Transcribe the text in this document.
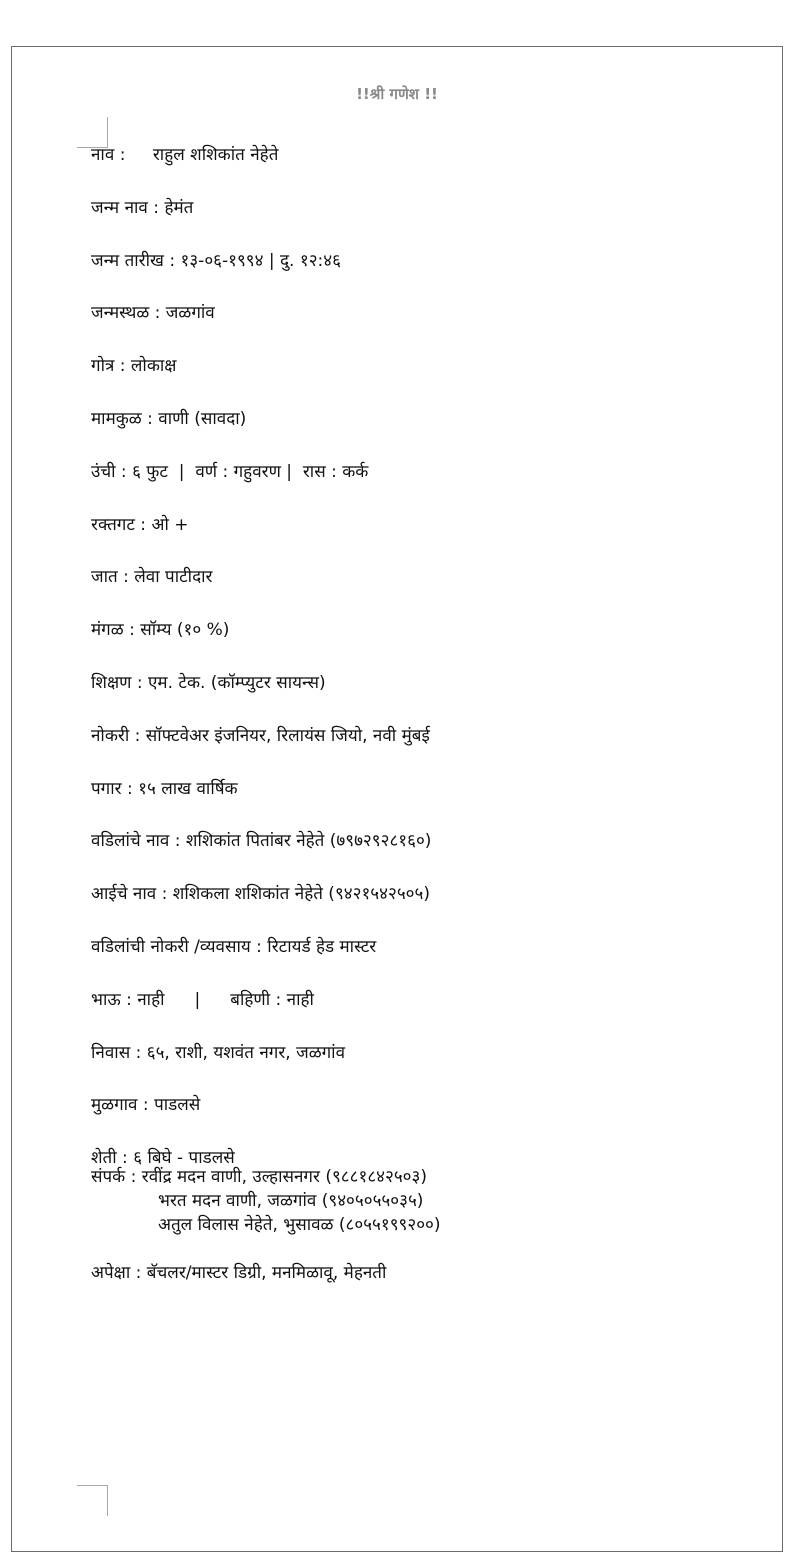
!!श्री गणेश !!
नाव : राहुल शशिकांत नेहेते
जन्म नाव : हेमंत
जन्म तारीख : १३-०६-१९९४ | दु. १२:४६
जन्मस्थळ : जळगांव
गोत्र : लोकाक्ष
मामकुळ : वाणी (सावदा)
उंची : ६ फुट  |  वर्ण : गहुवरण |  रास : कर्क
रक्तगट : ओ +
जात : लेवा पाटीदार
मंगळ : सॉम्य (१० %)
शिक्षण : एम. टेक. (कॉम्प्युटर सायन्स)
नोकरी : सॉफ्टवेअर इंजनियर, रिलायंस जियो, नवी मुंबई
पगार : १५ लाख वार्षिक
वडिलांचे नाव : शशिकांत पितांबर नेहेते (७९७२९२८१६०)
आईचे नाव : शशिकला शशिकांत नेहेते (९४२१५४२५०५)
वडिलांची नोकरी /व्यवसाय : रिटायर्ड हेड मास्टर
भाऊ : नाही | बहिणी : नाही
निवास : ६५, राशी, यशवंत नगर, जळगांव
मुळगाव : पाडलसे
शेती : ६ बिघे - पाडलसे
संपर्क : रवींद्र मदन वाणी, उल्हासनगर (९८८१८४२५०३)
भरत मदन वाणी, जळगांव (९४०५०५५०३५)
अतुल विलास नेहेते, भुसावळ (८०५५१९९२००)
अपेक्षा : बॅचलर/मास्टर डिग्री, मनमिळावू, मेहनती
